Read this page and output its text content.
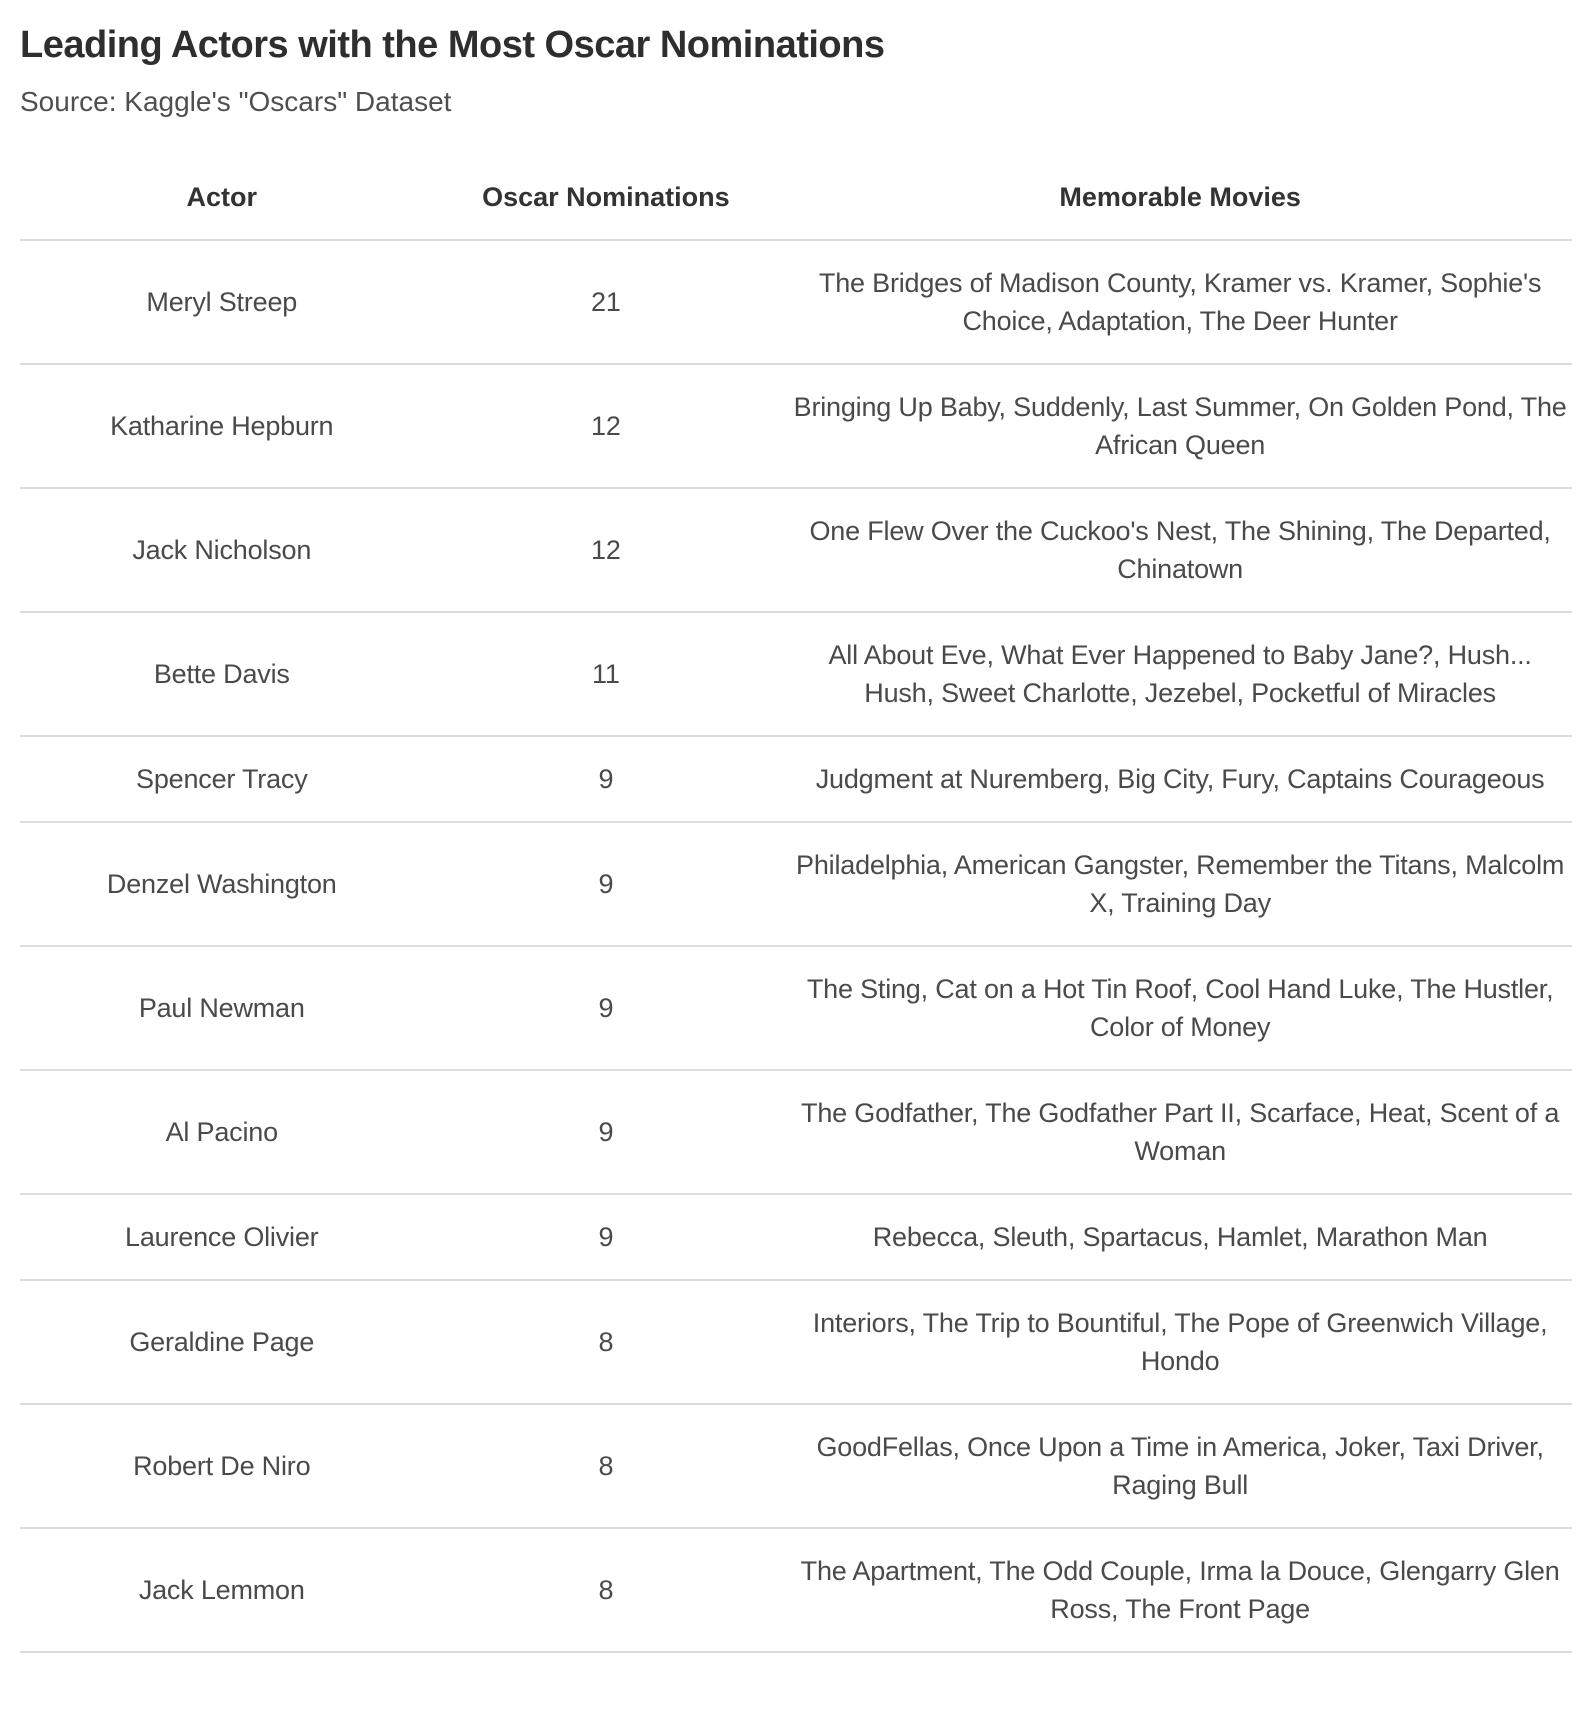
Leading Actors with the Most Oscar Nominations

Source: Kaggle's "Oscars" Dataset

Actor	Oscar Nominations	Memorable Movies
Meryl Streep	21	The Bridges of Madison County, Kramer vs. Kramer, Sophie's Choice, Adaptation, The Deer Hunter
Katharine Hepburn	12	Bringing Up Baby, Suddenly, Last Summer, On Golden Pond, The African Queen
Jack Nicholson	12	One Flew Over the Cuckoo's Nest, The Shining, The Departed, Chinatown
Bette Davis	11	All About Eve, What Ever Happened to Baby Jane?, Hush... Hush, Sweet Charlotte, Jezebel, Pocketful of Miracles
Spencer Tracy	9	Judgment at Nuremberg, Big City, Fury, Captains Courageous
Denzel Washington	9	Philadelphia, American Gangster, Remember the Titans, Malcolm X, Training Day
Paul Newman	9	The Sting, Cat on a Hot Tin Roof, Cool Hand Luke, The Hustler, Color of Money
Al Pacino	9	The Godfather, The Godfather Part II, Scarface, Heat, Scent of a Woman
Laurence Olivier	9	Rebecca, Sleuth, Spartacus, Hamlet, Marathon Man
Geraldine Page	8	Interiors, The Trip to Bountiful, The Pope of Greenwich Village, Hondo
Robert De Niro	8	GoodFellas, Once Upon a Time in America, Joker, Taxi Driver, Raging Bull
Jack Lemmon	8	The Apartment, The Odd Couple, Irma la Douce, Glengarry Glen Ross, The Front Page
